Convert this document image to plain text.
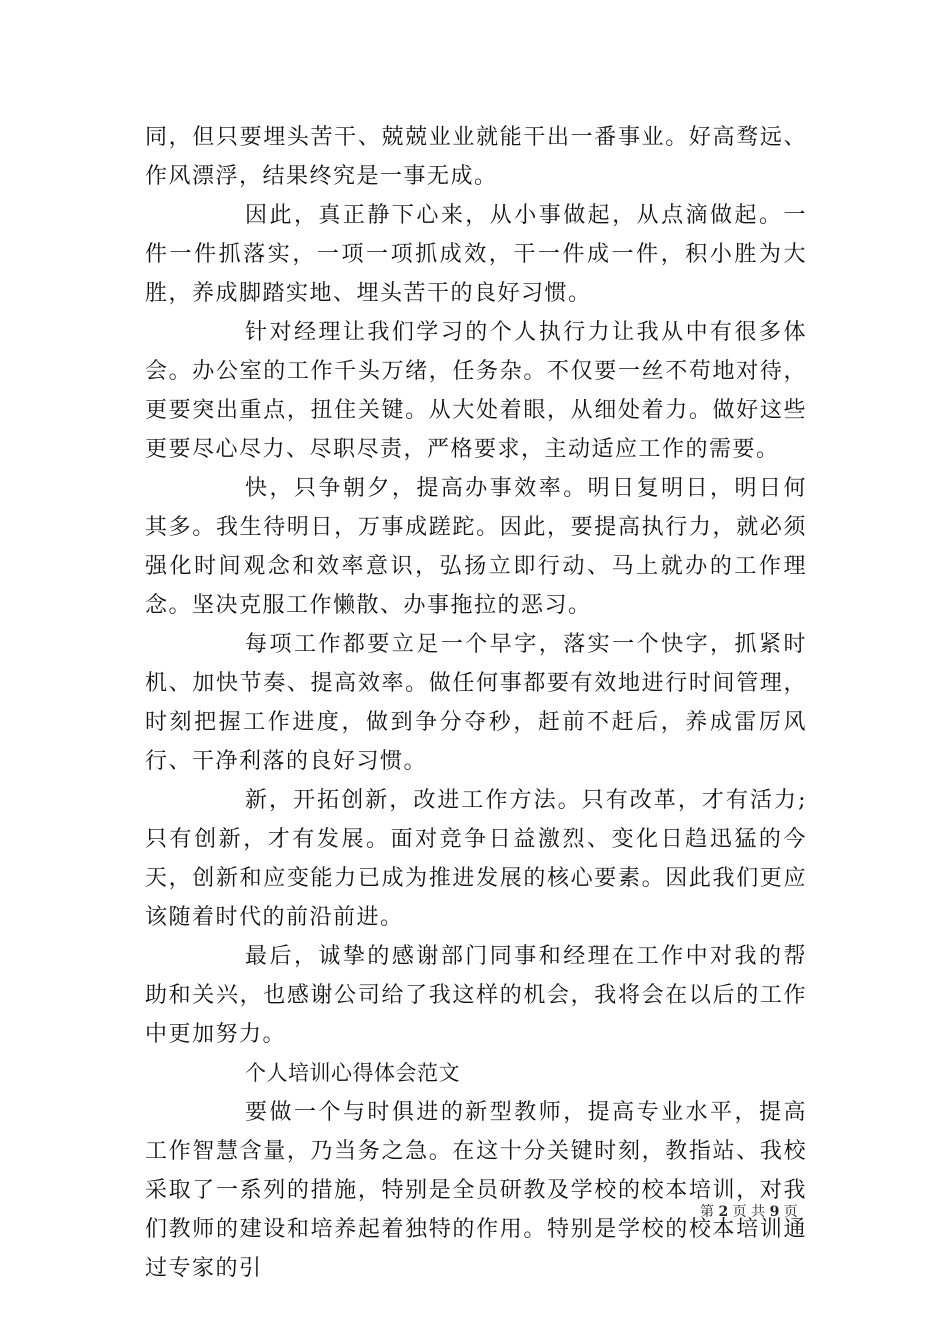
同，但只要埋头苦干、兢兢业业就能干出一番事业。好高骛远、作风漂浮，结果终究是一事无成。

因此，真正静下心来，从小事做起，从点滴做起。一件一件抓落实，一项一项抓成效，干一件成一件，积小胜为大胜，养成脚踏实地、埋头苦干的良好习惯。

针对经理让我们学习的个人执行力让我从中有很多体会。办公室的工作千头万绪，任务杂。不仅要一丝不苟地对待，更要突出重点，扭住关键。从大处着眼，从细处着力。做好这些更要尽心尽力、尽职尽责，严格要求，主动适应工作的需要。

快，只争朝夕，提高办事效率。明日复明日，明日何其多。我生待明日，万事成蹉跎。因此，要提高执行力，就必须强化时间观念和效率意识，弘扬立即行动、马上就办的工作理念。坚决克服工作懒散、办事拖拉的恶习。

每项工作都要立足一个早字，落实一个快字，抓紧时机、加快节奏、提高效率。做任何事都要有效地进行时间管理，时刻把握工作进度，做到争分夺秒，赶前不赶后，养成雷厉风行、干净利落的良好习惯。

新，开拓创新，改进工作方法。只有改革，才有活力;只有创新，才有发展。面对竞争日益激烈、变化日趋迅猛的今天，创新和应变能力已成为推进发展的核心要素。因此我们更应该随着时代的前沿前进。

最后，诚挚的感谢部门同事和经理在工作中对我的帮助和关兴，也感谢公司给了我这样的机会，我将会在以后的工作中更加努力。

个人培训心得体会范文

要做一个与时俱进的新型教师，提高专业水平，提高工作智慧含量，乃当务之急。在这十分关键时刻，教指站、我校采取了一系列的措施，特别是全员研教及学校的校本培训，对我们教师的建设和培养起着独特的作用。特别是学校的校本培训通过专家的引

第 2 页 共 9 页
